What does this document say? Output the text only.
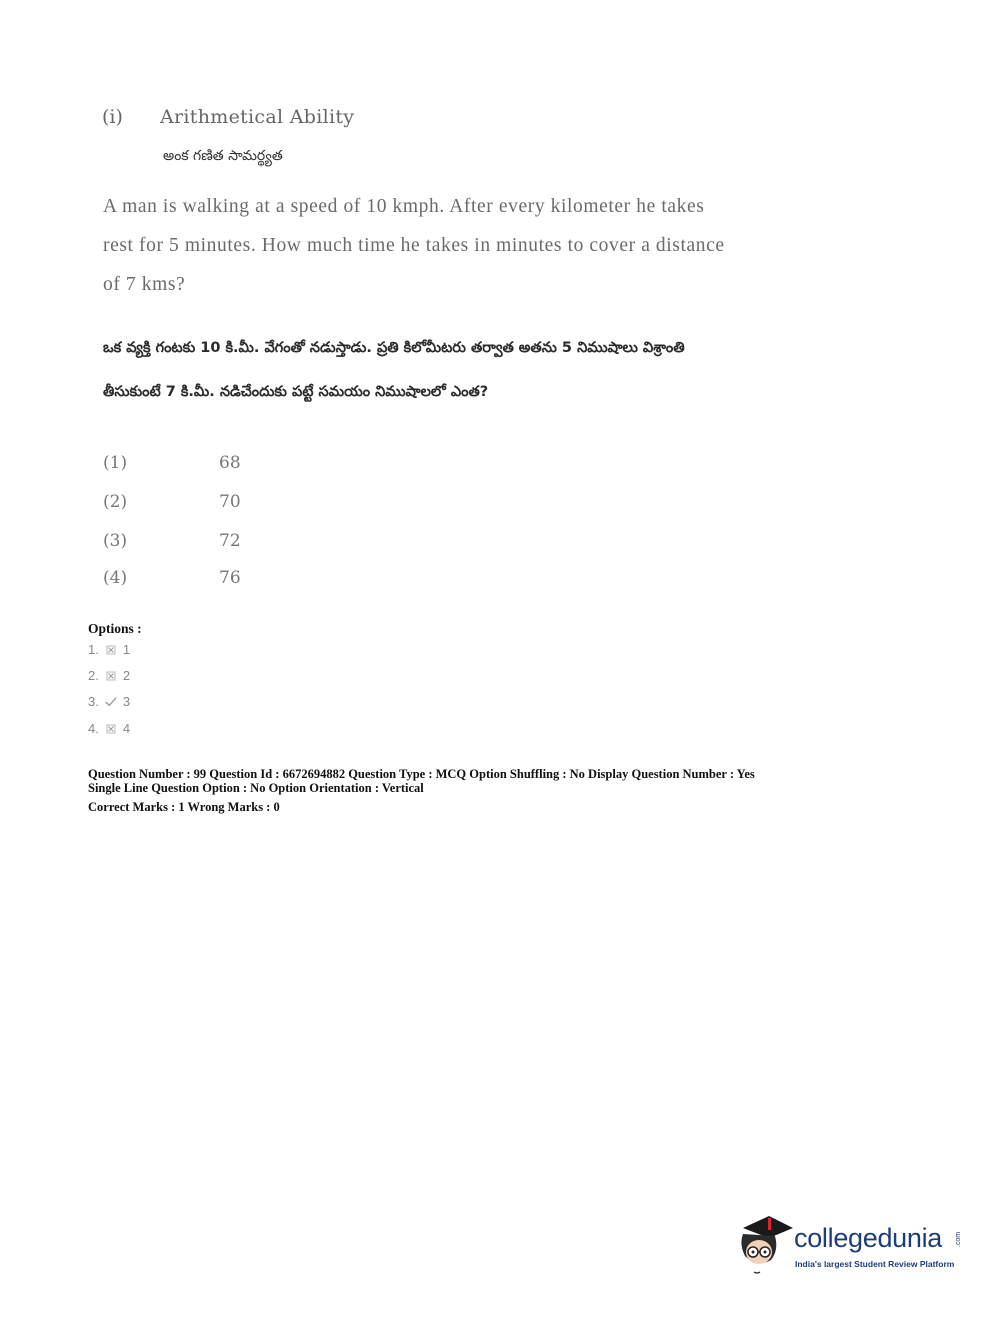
(i) Arithmetical Ability
అంక గణిత సామర్థ్యత
A man is walking at a speed of 10 kmph. After every kilometer he takes
rest for 5 minutes. How much time he takes in minutes to cover a distance
of 7 kms?
ఒక వ్యక్తి గంటకు 10 కి.మీ. వేగంతో నడుస్తాడు. ప్రతి కిలోమీటరు తర్వాత అతను 5 నిముషాలు విశ్రాంతి
తీసుకుంటే 7 కి.మీ. నడిచేందుకు పట్టే సమయం నిముషాలలో ఎంత?
(1)	68
(2)	70
(3)	72
(4)	76
Options :
1. 1
2. 2
3. 3
4. 4
Question Number : 99 Question Id : 6672694882 Question Type : MCQ Option Shuffling : No Display Question Number : Yes
Single Line Question Option : No Option Orientation : Vertical
Correct Marks : 1 Wrong Marks : 0
collegedunia .com
India's largest Student Review Platform
